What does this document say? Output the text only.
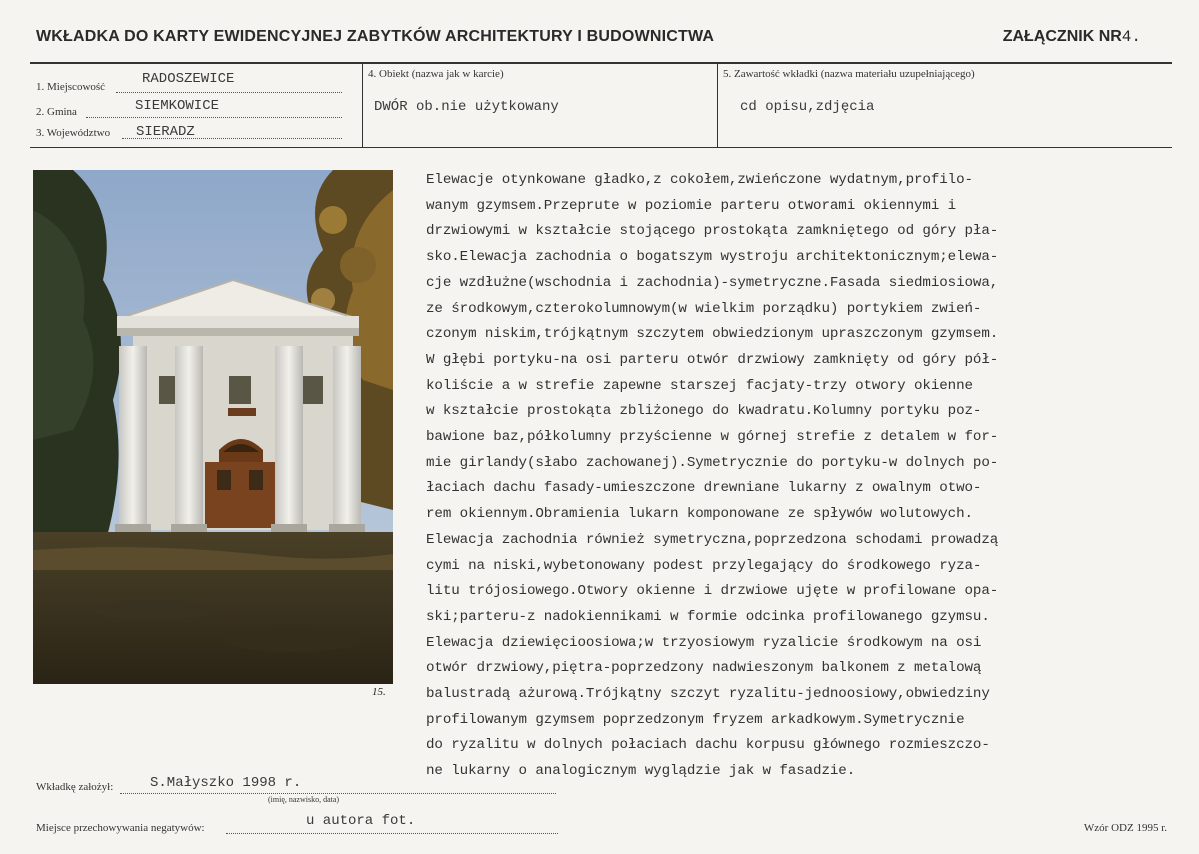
WKŁADKA DO KARTY EWIDENCYJNEJ ZABYTKÓW ARCHITEKTURY I BUDOWNICTWA	ZAŁĄCZNIK NR4.
1. Miejscowość	RADOSZEWICE
2. Gmina	SIEMKOWICE
3. Województwo SIERADZ
4. Obiekt (nazwa jak w karcie)
DWÓR ob.nie użytkowany
5. Zawartość wkładki (nazwa materiału uzupełniającego)
cd opisu,zdjęcia
15.
Elewacje otynkowane gładko,z cokołem,zwieńczone wydatnym,profilo-
wanym gzymsem.Przeprute w poziomie parteru otworami okiennymi i
drzwiowymi w kształcie stojącego prostokąta zamkniętego od góry pła-
sko.Elewacja zachodnia o bogatszym wystroju architektonicznym;elewa-
cje wzdłużne(wschodnia i zachodnia)-symetryczne.Fasada siedmiosiowa,
ze środkowym,czterokolumnowym(w wielkim porządku) portykiem zwień-
czonym niskim,trójkątnym szczytem obwiedzionym upraszczonym gzymsem.
W głębi portyku-na osi parteru otwór drzwiowy zamknięty od góry pół-
koliście a w strefie zapewne starszej facjaty-trzy otwory okienne
w kształcie prostokąta zbliżonego do kwadratu.Kolumny portyku poz-
bawione baz,półkolumny przyścienne w górnej strefie z detalem w for-
mie girlandy(słabo zachowanej).Symetrycznie do portyku-w dolnych po-
łaciach dachu fasady-umieszczone drewniane lukarny z owalnym otwo-
rem okiennym.Obramienia lukarn komponowane ze spływów wolutowych.
Elewacja zachodnia również symetryczna,poprzedzona schodami prowadzą
cymi na niski,wybetonowany podest przylegający do środkowego ryza-
litu trójosiowego.Otwory okienne i drzwiowe ujęte w profilowane opa-
ski;parteru-z nadokiennikami w formie odcinka profilowanego gzymsu.
Elewacja dziewięcioosiowa;w trzyosiowym ryzalicie środkowym na osi
otwór drzwiowy,piętra-poprzedzony nadwieszonym balkonem z metalową
balustradą ażurową.Trójkątny szczyt ryzalitu-jednoosiowy,obwiedziny
profilowanym gzymsem poprzedzonym fryzem arkadkowym.Symetrycznie
do ryzalitu w dolnych połaciach dachu korpusu głównego rozmieszczo-
ne lukarny o analogicznym wyglądzie jak w fasadzie.
Wkładkę założył:	S.Małyszko 1998 r.
(imię, nazwisko, data)
Miejsce przechowywania negatywów:	u autora fot.	Wzór ODZ 1995 r.
